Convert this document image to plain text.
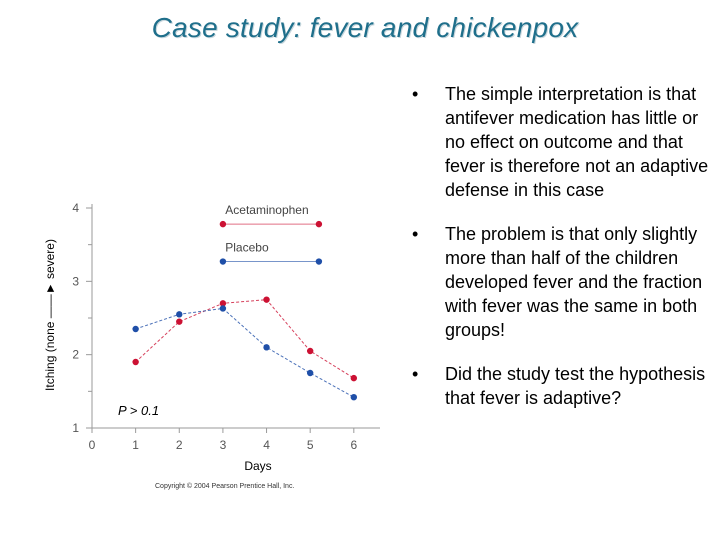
Case study: fever and chickenpox
1
2
3
4
0	1	2	3	4	5	6
Acetaminophen
Placebo
P > 0.1
Days
Itching (none ——► severe)
Copyright © 2004 Pearson Prentice Hall, Inc.
• The simple interpretation is that antifever medication has little or no effect on outcome and that fever is therefore not an adaptive defense in this case
• The problem is that only slightly more than half of the children developed fever and the fraction with fever was the same in both groups!
• Did the study test the hypothesis that fever is adaptive?
